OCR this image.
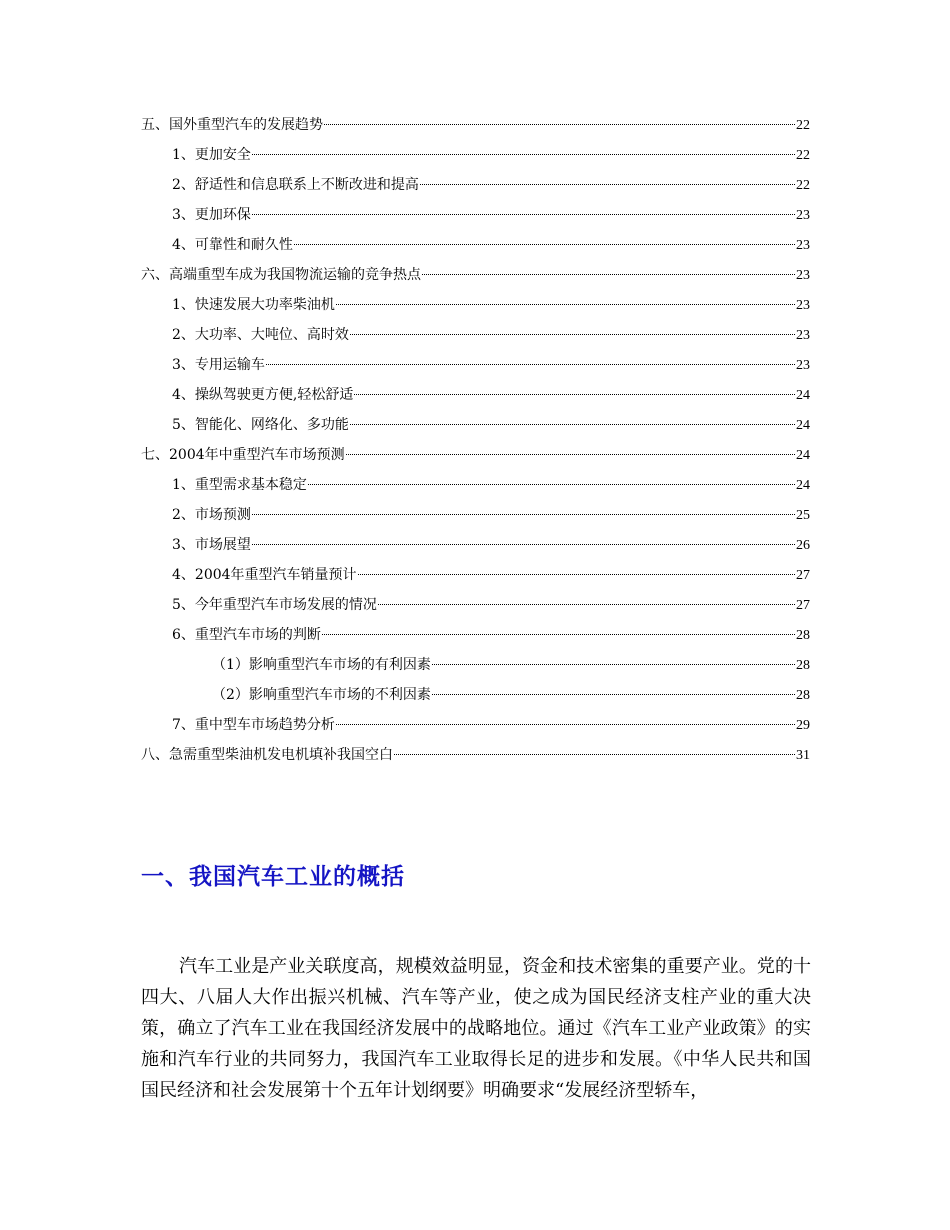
五、国外重型汽车的发展趋势	22
1、更加安全	22
2、舒适性和信息联系上不断改进和提高	22
3、更加环保	23
4、可靠性和耐久性	23
六、高端重型车成为我国物流运输的竞争热点	23
1、快速发展大功率柴油机	23
2、大功率、大吨位、高时效	23
3、专用运输车	23
4、操纵驾驶更方便,轻松舒适	24
5、智能化、网络化、多功能	24
七、2004年中重型汽车市场预测	24
1、重型需求基本稳定	24
2、市场预测	25
3、市场展望	26
4、2004年重型汽车销量预计	27
5、今年重型汽车市场发展的情况	27
6、重型汽车市场的判断	28
（1）影响重型汽车市场的有利因素	28
（2）影响重型汽车市场的不利因素	28
7、重中型车市场趋势分析	29
八、急需重型柴油机发电机填补我国空白	31
一、我国汽车工业的概括

汽车工业是产业关联度高，规模效益明显，资金和技术密集的重要产业。党的十四大、八届人大作出振兴机械、汽车等产业，使之成为国民经济支柱产业的重大决策，确立了汽车工业在我国经济发展中的战略地位。通过《汽车工业产业政策》的实施和汽车行业的共同努力，我国汽车工业取得长足的进步和发展。《中华人民共和国国民经济和社会发展第十个五年计划纲要》明确要求“发展经济型轿车，
